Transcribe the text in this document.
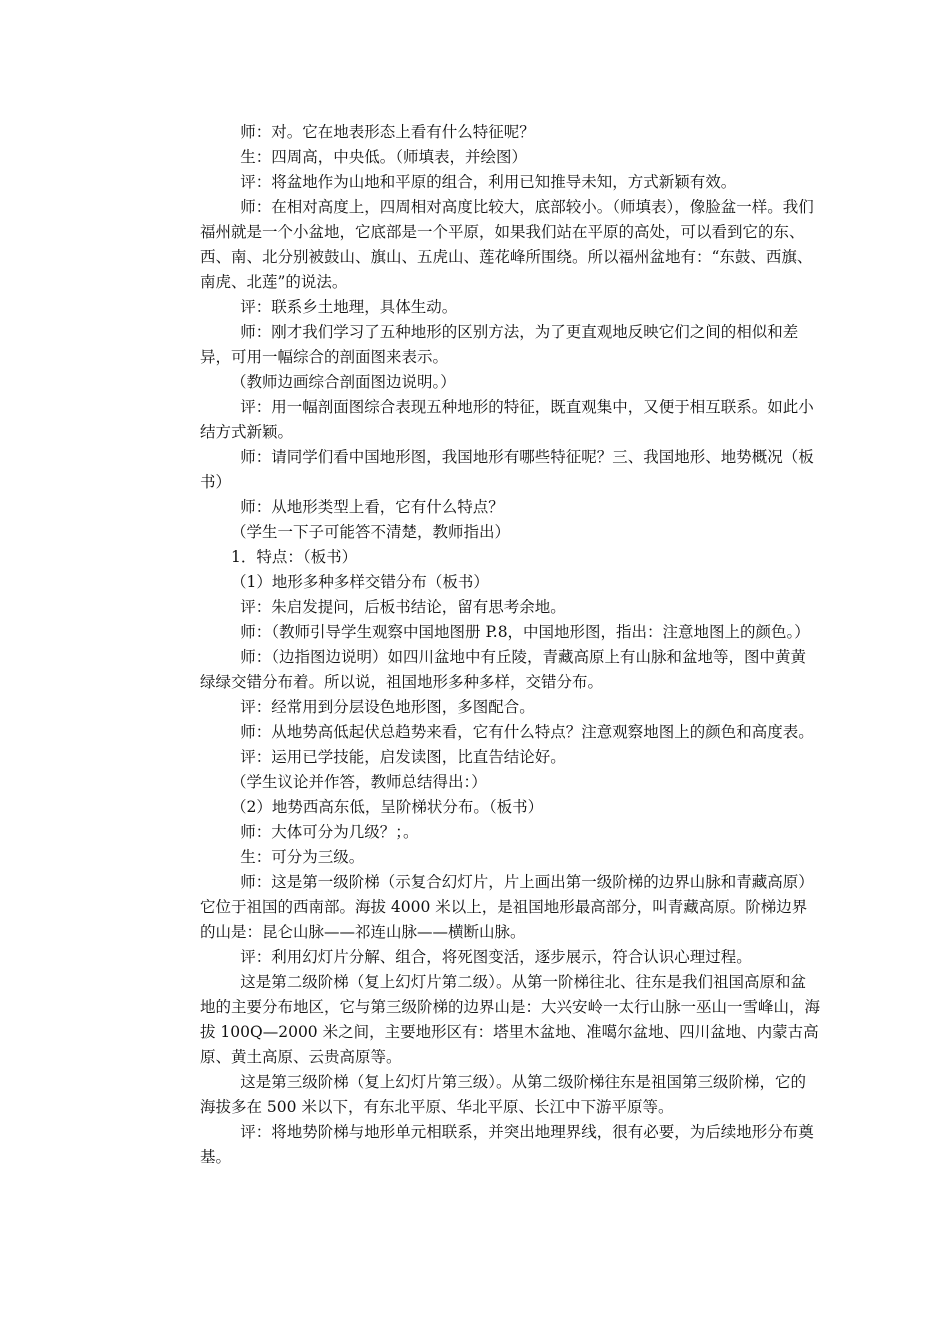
师：对。它在地表形态上看有什么特征呢？

生：四周高，中央低。（师填表，并绘图）

评：将盆地作为山地和平原的组合，利用已知推导未知，方式新颖有效。

师：在相对高度上，四周相对高度比较大，底部较小。（师填表），像脸盆一样。我们福州就是一个小盆地，它底部是一个平原，如果我们站在平原的高处，可以看到它的东、西、南、北分别被鼓山、旗山、五虎山、莲花峰所围绕。所以福州盆地有：“东鼓、西旗、南虎、北莲”的说法。

评：联系乡土地理，具体生动。

师：刚才我们学习了五种地形的区别方法，为了更直观地反映它们之间的相似和差异，可用一幅综合的剖面图来表示。

（教师边画综合剖面图边说明。）

评：用一幅剖面图综合表现五种地形的特征，既直观集中，又便于相互联系。如此小结方式新颖。

师：请同学们看中国地形图，我国地形有哪些特征呢？三、我国地形、地势概况（板书）

师：从地形类型上看，它有什么特点？

（学生一下子可能答不清楚，教师指出）

1．特点：（板书）

（1）地形多种多样交错分布（板书）

评：朱启发提问，后板书结论，留有思考余地。

师：（教师引导学生观察中国地图册 P.8，中国地形图，指出：注意地图上的颜色。）

师：（边指图边说明）如四川盆地中有丘陵，青藏高原上有山脉和盆地等，图中黄黄绿绿交错分布着。所以说，祖国地形多种多样，交错分布。

评：经常用到分层设色地形图，多图配合。

师：从地势高低起伏总趋势来看，它有什么特点？注意观察地图上的颜色和高度表。

评：运用已学技能，启发读图，比直告结论好。

（学生议论并作答，教师总结得出：）

（2）地势西高东低，呈阶梯状分布。（板书）

师：大体可分为几级？；。

生：可分为三级。

师：这是第一级阶梯（示复合幻灯片，片上画出第一级阶梯的边界山脉和青藏高原）它位于祖国的西南部。海拔 4000 米以上，是祖国地形最高部分，叫青藏高原。阶梯边界的山是：昆仑山脉——祁连山脉——横断山脉。

评：利用幻灯片分解、组合，将死图变活，逐步展示，符合认识心理过程。

这是第二级阶梯（复上幻灯片第二级）。从第一阶梯往北、往东是我们祖国高原和盆地的主要分布地区，它与第三级阶梯的边界山是：大兴安岭一太行山脉一巫山一雪峰山，海拔 100Q—2000 米之间，主要地形区有：塔里木盆地、准噶尔盆地、四川盆地、内蒙古高原、黄土高原、云贵高原等。

这是第三级阶梯（复上幻灯片第三级）。从第二级阶梯往东是祖国第三级阶梯，它的海拔多在 500 米以下，有东北平原、华北平原、长江中下游平原等。

评：将地势阶梯与地形单元相联系，并突出地理界线，很有必要，为后续地形分布奠基。
